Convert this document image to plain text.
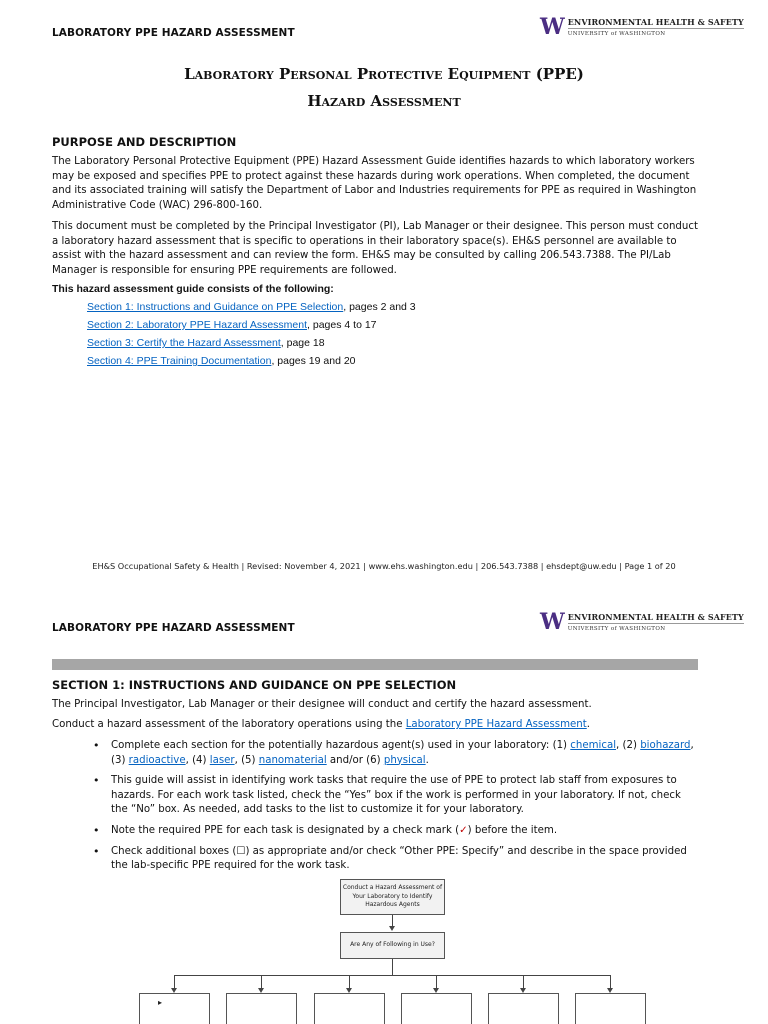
LABORATORY PPE HAZARD ASSESSMENT	W ENVIRONMENTAL HEALTH & SAFETY
UNIVERSITY of WASHINGTON
Laboratory Personal Protective Equipment (PPE)
Hazard Assessment
PURPOSE AND DESCRIPTION
The Laboratory Personal Protective Equipment (PPE) Hazard Assessment Guide identifies hazards to which laboratory workers may be exposed and specifies PPE to protect against these hazards during work operations. When completed, the document and its associated training will satisfy the Department of Labor and Industries requirements for PPE as required in Washington Administrative Code (WAC) 296-800-160.
This document must be completed by the Principal Investigator (PI), Lab Manager or their designee. This person must conduct a laboratory hazard assessment that is specific to operations in their laboratory space(s). EH&S personnel are available to assist with the hazard assessment and can review the form. EH&S may be consulted by calling 206.543.7388. The PI/Lab Manager is responsible for ensuring PPE requirements are followed.
This hazard assessment guide consists of the following:
Section 1: Instructions and Guidance on PPE Selection, pages 2 and 3
Section 2: Laboratory PPE Hazard Assessment, pages 4 to 17
Section 3: Certify the Hazard Assessment, page 18
Section 4: PPE Training Documentation, pages 19 and 20
EH&S Occupational Safety & Health | Revised: November 4, 2021 | www.ehs.washington.edu | 206.543.7388 | ehsdept@uw.edu | Page 1 of 20
LABORATORY PPE HAZARD ASSESSMENT	W ENVIRONMENTAL HEALTH & SAFETY
UNIVERSITY of WASHINGTON
SECTION 1: INSTRUCTIONS AND GUIDANCE ON PPE SELECTION
The Principal Investigator, Lab Manager or their designee will conduct and certify the hazard assessment.
Conduct a hazard assessment of the laboratory operations using the Laboratory PPE Hazard Assessment.
• Complete each section for the potentially hazardous agent(s) used in your laboratory: (1) chemical, (2) biohazard, (3) radioactive, (4) laser, (5) nanomaterial and/or (6) physical.
• This guide will assist in identifying work tasks that require the use of PPE to protect lab staff from exposures to hazards. For each work task listed, check the “Yes” box if the work is performed in your laboratory. If not, check the “No” box. As needed, add tasks to the list to customize it for your laboratory.
• Note the required PPE for each task is designated by a check mark (✓) before the item.
• Check additional boxes (☐) as appropriate and/or check “Other PPE: Specify” and describe in the space provided the lab-specific PPE required for the work task.
Conduct a Hazard Assessment of Your Laboratory to Identify Hazardous Agents
Are Any of Following in Use?
▸
